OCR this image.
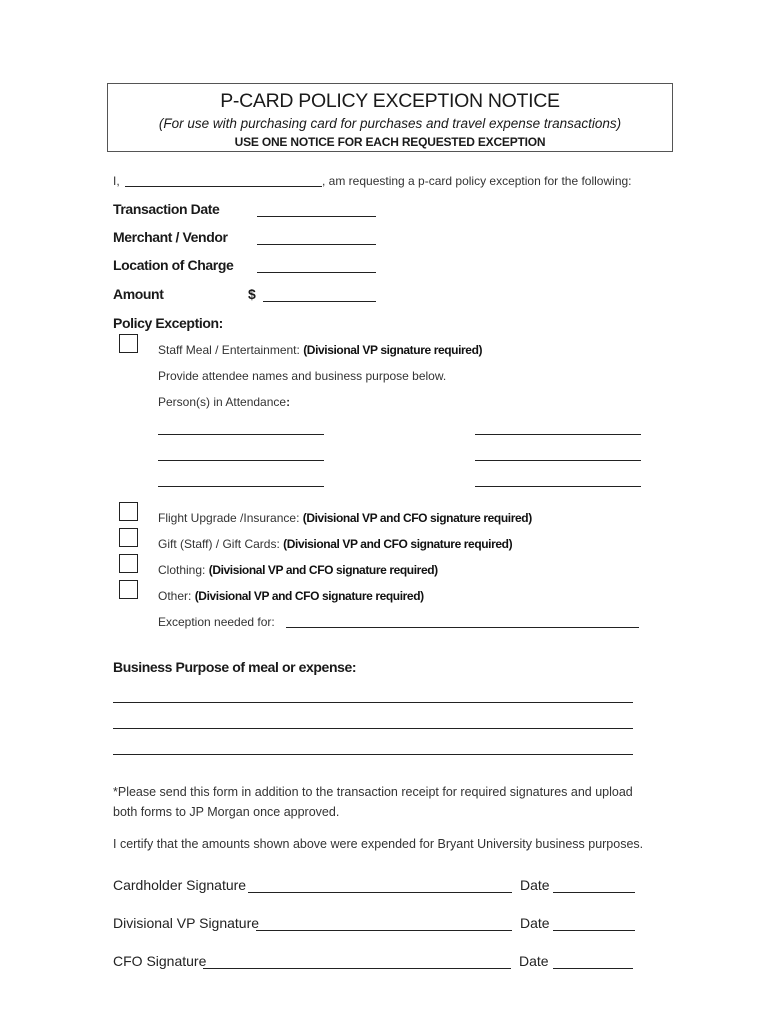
P-CARD POLICY EXCEPTION NOTICE
(For use with purchasing card for purchases and travel expense transactions)
USE ONE NOTICE FOR EACH REQUESTED EXCEPTION
I,	, am requesting a p-card policy exception for the following:
Transaction Date
Merchant / Vendor
Location of Charge
Amount	$
Policy Exception:
Staff Meal / Entertainment: (Divisional VP signature required)
Provide attendee names and business purpose below.
Person(s) in Attendance:
Flight Upgrade /Insurance: (Divisional VP and CFO signature required)
Gift (Staff) / Gift Cards: (Divisional VP and CFO signature required)
Clothing: (Divisional VP and CFO signature required)
Other: (Divisional VP and CFO signature required)
Exception needed for:
Business Purpose of meal or expense:
*Please send this form in addition to the transaction receipt for required signatures and upload
both forms to JP Morgan once approved.
I certify that the amounts shown above were expended for Bryant University business purposes.
Cardholder Signature	Date
Divisional VP Signature	Date
CFO Signature	Date
